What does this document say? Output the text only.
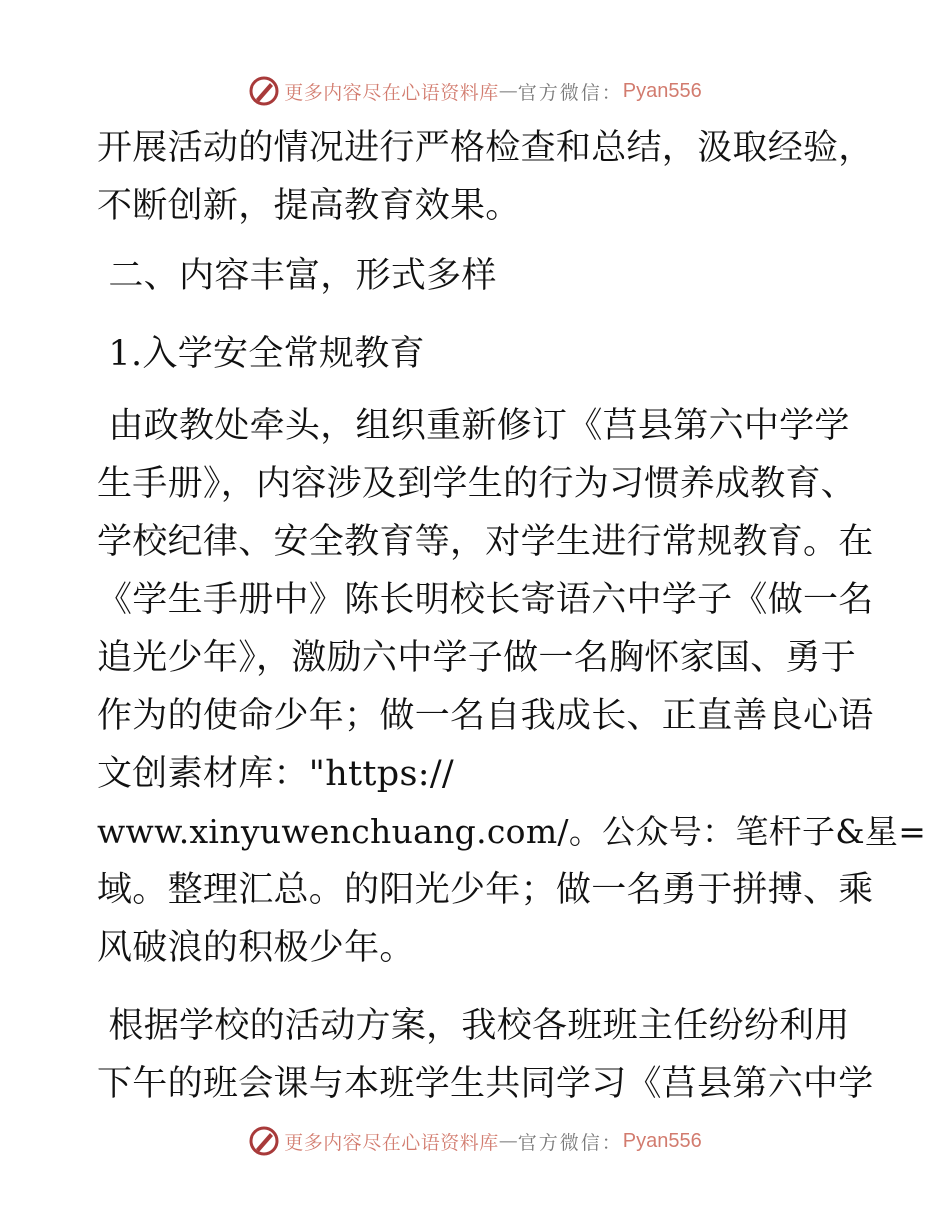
更多内容尽在心语资料库 — 官方微信： Pyan556
开展活动的情况进行严格检查和总结，汲取经验，
不断创新，提高教育效果。
二、内容丰富，形式多样
1.入学安全常规教育
由政教处牵头，组织重新修订《莒县第六中学学
生手册》，内容涉及到学生的行为习惯养成教育、
学校纪律、安全教育等，对学生进行常规教育。在
《学生手册中》陈长明校长寄语六中学子《做一名
追光少年》，激励六中学子做一名胸怀家国、勇于
作为的使命少年；做一名自我成长、正直善良心语
文创素材库："https://
www.xinyuwenchuang.com/。公众号：笔杆子&星=
域。整理汇总。的阳光少年；做一名勇于拼搏、乘
风破浪的积极少年。
根据学校的活动方案，我校各班班主任纷纷利用
下午的班会课与本班学生共同学习《莒县第六中学
更多内容尽在心语资料库 — 官方微信： Pyan556
